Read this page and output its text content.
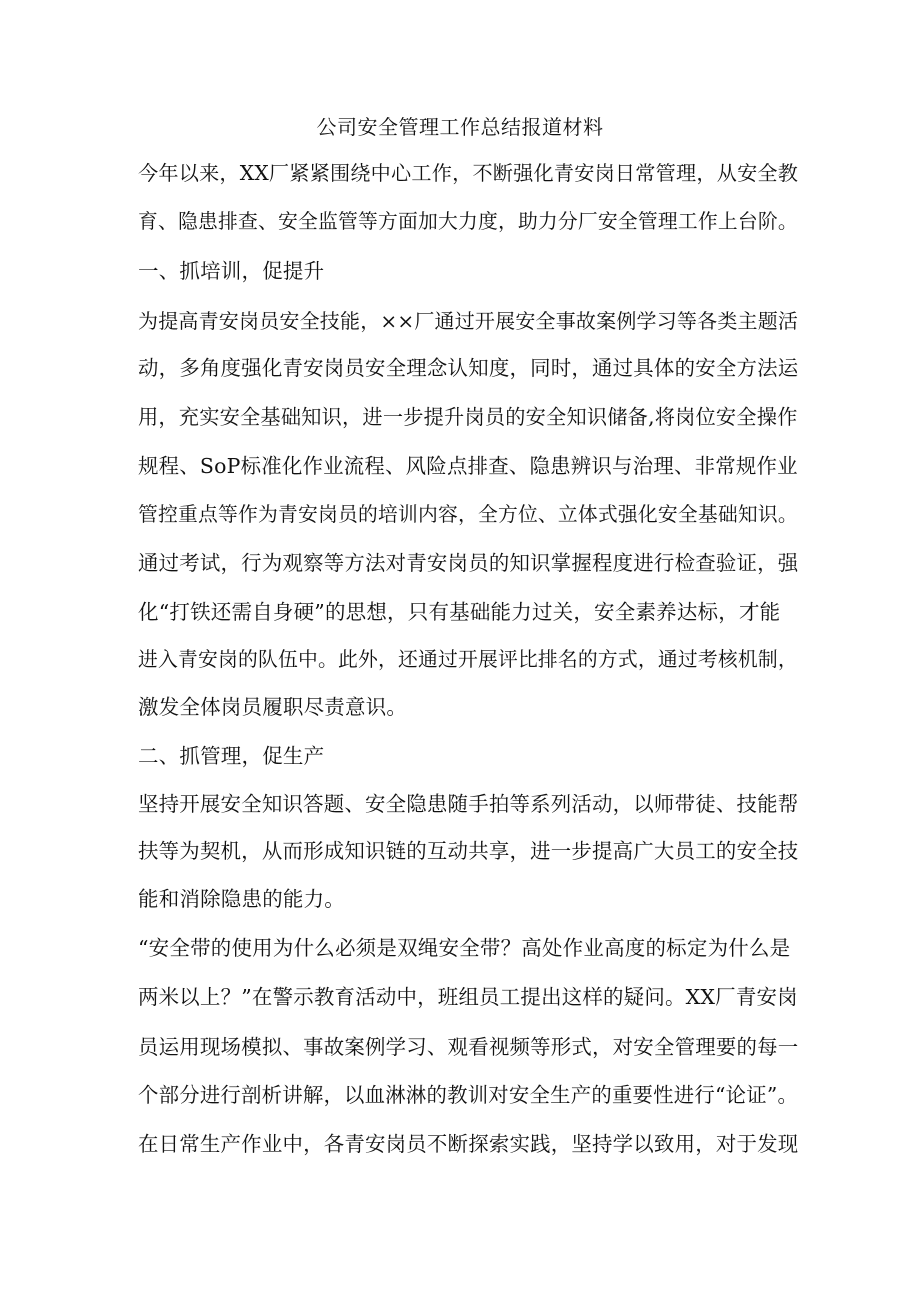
公司安全管理工作总结报道材料
今年以来，XX厂紧紧围绕中心工作，不断强化青安岗日常管理，从安全教
育、隐患排查、安全监管等方面加大力度，助力分厂安全管理工作上台阶。
一、抓培训，促提升
为提高青安岗员安全技能，××厂通过开展安全事故案例学习等各类主题活
动，多角度强化青安岗员安全理念认知度，同时，通过具体的安全方法运
用，充实安全基础知识，进一步提升岗员的安全知识储备,将岗位安全操作
规程、SoP标准化作业流程、风险点排查、隐患辨识与治理、非常规作业
管控重点等作为青安岗员的培训内容，全方位、立体式强化安全基础知识。
通过考试，行为观察等方法对青安岗员的知识掌握程度进行检查验证，强
化“打铁还需自身硬”的思想，只有基础能力过关，安全素养达标，才能
进入青安岗的队伍中。此外，还通过开展评比排名的方式，通过考核机制，
激发全体岗员履职尽责意识。
二、抓管理，促生产
坚持开展安全知识答题、安全隐患随手拍等系列活动，以师带徒、技能帮
扶等为契机，从而形成知识链的互动共享，进一步提高广大员工的安全技
能和消除隐患的能力。
“安全带的使用为什么必须是双绳安全带？高处作业高度的标定为什么是
两米以上？”在警示教育活动中，班组员工提出这样的疑问。XX厂青安岗
员运用现场模拟、事故案例学习、观看视频等形式，对安全管理要的每一
个部分进行剖析讲解，以血淋淋的教训对安全生产的重要性进行“论证”。
在日常生产作业中，各青安岗员不断探索实践，坚持学以致用，对于发现
